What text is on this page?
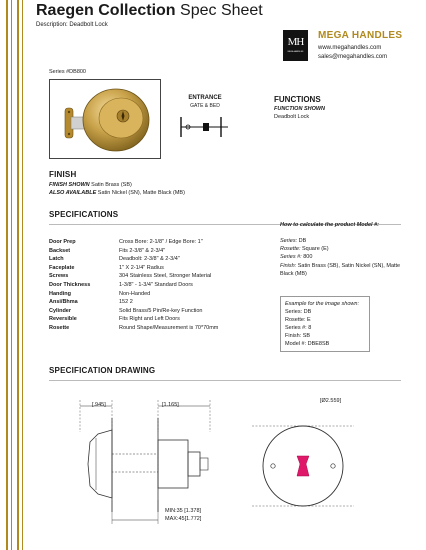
Raegen Collection Spec Sheet
Description: Deadbolt Lock
MH
MEGA HANDLES
MEGA HANDLES
www.megahandles.com
sales@megahandles.com
Series #DB800
ENTRANCE
GATE & BED
FUNCTIONS
FUNCTION SHOWN
Deadbolt Lock
FINISH
FINISH SHOWN Satin Brass (SB)
ALSO AVAILABLE Satin Nickel (SN), Matte Black (MB)
SPECIFICATIONS
Door Prep	Cross Bore: 2-1/8" / Edge Bore: 1"
Backset	Fits 2-3/8" & 2-3/4"
Latch	Deadbolt: 2-3/8" & 2-3/4"
Faceplate	1" X 2-1/4" Radius
Screws	304 Stainless Steel, Stronger Material
Door Thickness	1-3/8" - 1-3/4" Standard Doors
Handing	Non-Handed
Ansi/Bhma	152 2
Cylinder	Solid Brass/5 Pin/Re-key Function
Reversible	Fits Right and Left Doors
Rosette	Round Shape/Measurement is 70*70mm
How to calculate the product Model #:
Series: DB
Rosette: Square (E)
Series #: 800
Finish: Satin Brass (SB), Satin Nickel (SN), Matte Black (MB)
Example for the image shown:
Series: DB
Rosette: E
Series #: 8
Finish: SB
Model #: DBE8SB
SPECIFICATION DRAWING
[.945]	[1.165]
MIN:35 [1.378]
MAX:45[1.772]
[Ø2.559]
